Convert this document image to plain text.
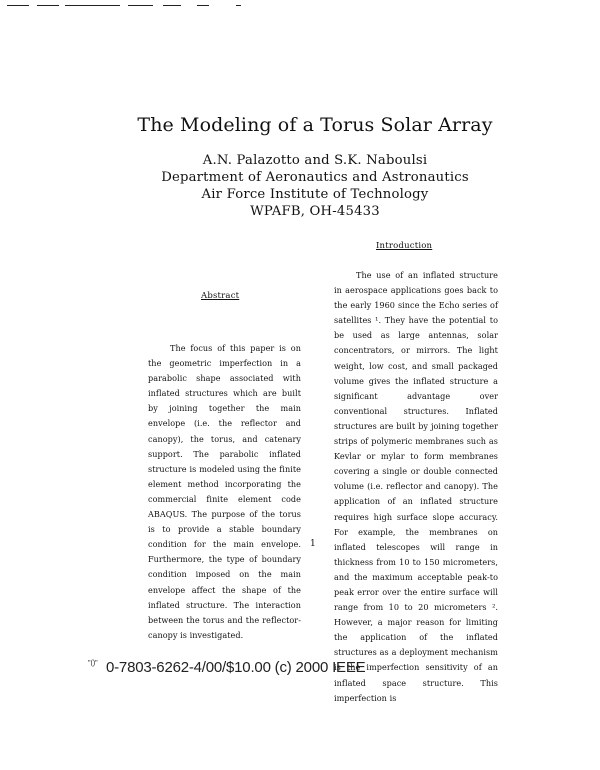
The Modeling of a Torus Solar Array
A.N. Palazotto and S.K. Naboulsi
Department of Aeronautics and Astronautics
Air Force Institute of Technology
WPAFB, OH-45433
Abstract

The focus of this paper is on the geometric imperfection in a parabolic shape associated with inflated structures which are built by joining together the main envelope (i.e. the reflector and canopy), the torus, and catenary support. The parabolic inflated structure is modeled using the finite element method incorporating the commercial finite element code ABAQUS. The purpose of the torus is to provide a stable boundary condition for the main envelope. Furthermore, the type of boundary condition imposed on the main envelope affect the shape of the inflated structure. The interaction between the torus and the reflector-canopy is investigated.

Introduction

The use of an inflated structure in aerospace applications goes back to the early 1960 since the Echo series of satellites ¹. They have the potential to be used as large antennas, solar concentrators, or mirrors. The light weight, low cost, and small packaged volume gives the inflated structure a significant advantage over conventional structures. Inflated structures are built by joining together strips of polymeric membranes such as Kevlar or mylar to form membranes covering a single or double connected volume (i.e. reflector and canopy). The application of an inflated structure requires high surface slope accuracy. For example, the membranes on inflated telescopes will range in thickness from 10 to 150 micrometers, and the maximum acceptable peak-to peak error over the entire surface will range from 10 to 20 micrometers ². However, a major reason for limiting the application of the inflated structures as a deployment mechanism is the imperfection sensitivity of an inflated space structure. This imperfection is

1
"()" 0-7803-6262-4/00/$10.00 (c) 2000 IEEE
